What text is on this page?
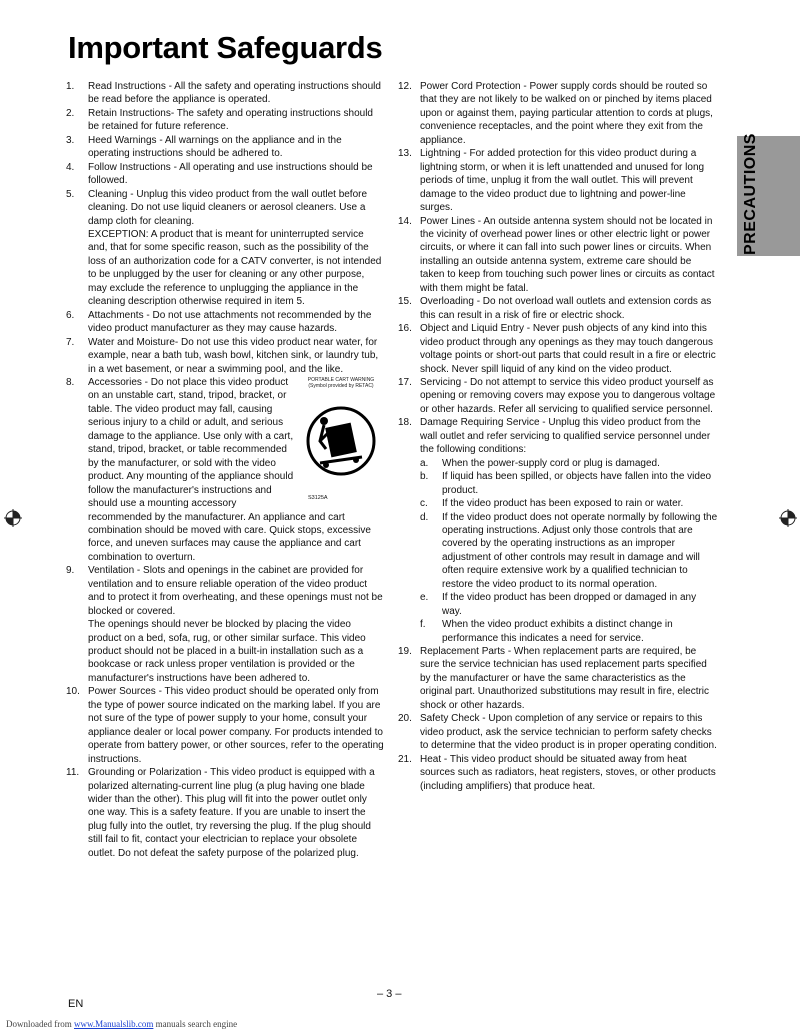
Important Safeguards
PRECAUTIONS
1. Read Instructions - All the safety and operating instructions should be read before the appliance is operated.
2. Retain Instructions- The safety and operating instructions should be retained for future reference.
3. Heed Warnings - All warnings on the appliance and in the operating instructions should be adhered to.
4. Follow Instructions - All operating and use instructions should be followed.
5. Cleaning - Unplug this video product from the wall outlet before cleaning. Do not use liquid cleaners or aerosol cleaners. Use a damp cloth for cleaning.
EXCEPTION: A product that is meant for uninterrupted service and, that for some specific reason, such as the possibility of the loss of an authorization code for a CATV converter, is not intended to be unplugged by the user for cleaning or any other purpose, may exclude the reference to unplugging the appliance in the cleaning description otherwise required in item 5.
6. Attachments - Do not use attachments not recommended by the video product manufacturer as they may cause hazards.
7. Water and Moisture- Do not use this video product near water, for example, near a bath tub, wash bowl, kitchen sink, or laundry tub, in a wet basement, or near a swimming pool, and the like.
8.	PORTABLE CART WARNING (Symbol provided by RETAC)
S3125A
Accessories - Do not place this video product on an unstable cart, stand, tripod, bracket, or table. The video product may fall, causing serious injury to a child or adult, and serious damage to the appliance. Use only with a cart, stand, tripod, bracket, or table recommended by the manufacturer, or sold with the video product. Any mounting of the appliance should follow the manufacturer's instructions and should use a mounting accessory recommended by the manufacturer. An appliance and cart combination should be moved with care. Quick stops, excessive force, and uneven surfaces may cause the appliance and cart combination to overturn.
9. Ventilation - Slots and openings in the cabinet are provided for ventilation and to ensure reliable operation of the video product and to protect it from overheating, and these openings must not be blocked or covered.
The openings should never be blocked by placing the video product on a bed, sofa, rug, or other similar surface. This video product should not be placed in a built-in installation such as a bookcase or rack unless proper ventilation is provided or the manufacturer's instructions have been adhered to.
10. Power Sources - This video product should be operated only from the type of power source indicated on the marking label. If you are not sure of the type of power supply to your home, consult your appliance dealer or local power company. For products intended to operate from battery power, or other sources, refer to the operating instructions.
11. Grounding or Polarization - This video product is equipped with a polarized alternating-current line plug (a plug having one blade wider than the other). This plug will fit into the power outlet only one way. This is a safety feature. If you are unable to insert the plug fully into the outlet, try reversing the plug. If the plug should still fail to fit, contact your electrician to replace your obsolete outlet. Do not defeat the safety purpose of the polarized plug.
12. Power Cord Protection - Power supply cords should be routed so that they are not likely to be walked on or pinched by items placed upon or against them, paying particular attention to cords at plugs, convenience receptacles, and the point where they exit from the appliance.
13. Lightning - For added protection for this video product during a lightning storm, or when it is left unattended and unused for long periods of time, unplug it from the wall outlet. This will prevent damage to the video product due to lightning and power-line surges.
14. Power Lines - An outside antenna system should not be located in the vicinity of overhead power lines or other electric light or power circuits, or where it can fall into such power lines or circuits. When installing an outside antenna system, extreme care should be taken to keep from touching such power lines or circuits as contact with them might be fatal.
15. Overloading - Do not overload wall outlets and extension cords as this can result in a risk of fire or electric shock.
16. Object and Liquid Entry - Never push objects of any kind into this video product through any openings as they may touch dangerous voltage points or short-out parts that could result in a fire or electric shock. Never spill liquid of any kind on the video product.
17. Servicing - Do not attempt to service this video product yourself as opening or removing covers may expose you to dangerous voltage or other hazards. Refer all servicing to qualified service personnel.
18. Damage Requiring Service - Unplug this video product from the wall outlet and refer servicing to qualified service personnel under the following conditions:
a. When the power-supply cord or plug is damaged.
b. If liquid has been spilled, or objects have fallen into the video product.
c. If the video product has been exposed to rain or water.
d. If the video product does not operate normally by following the operating instructions. Adjust only those controls that are covered by the operating instructions as an improper adjustment of other controls may result in damage and will often require extensive work by a qualified technician to restore the video product to its normal operation.
e. If the video product has been dropped or damaged in any way.
f. When the video product exhibits a distinct change in performance this indicates a need for service.
19. Replacement Parts - When replacement parts are required, be sure the service technician has used replacement parts specified by the manufacturer or have the same characteristics as the original part. Unauthorized substitutions may result in fire, electric shock or other hazards.
20. Safety Check - Upon completion of any service or repairs to this video product, ask the service technician to perform safety checks to determine that the video product is in proper operating condition.
21. Heat - This video product should be situated away from heat sources such as radiators, heat registers, stoves, or other products (including amplifiers) that produce heat.
EN
– 3 –
Downloaded from www.Manualslib.com manuals search engine
